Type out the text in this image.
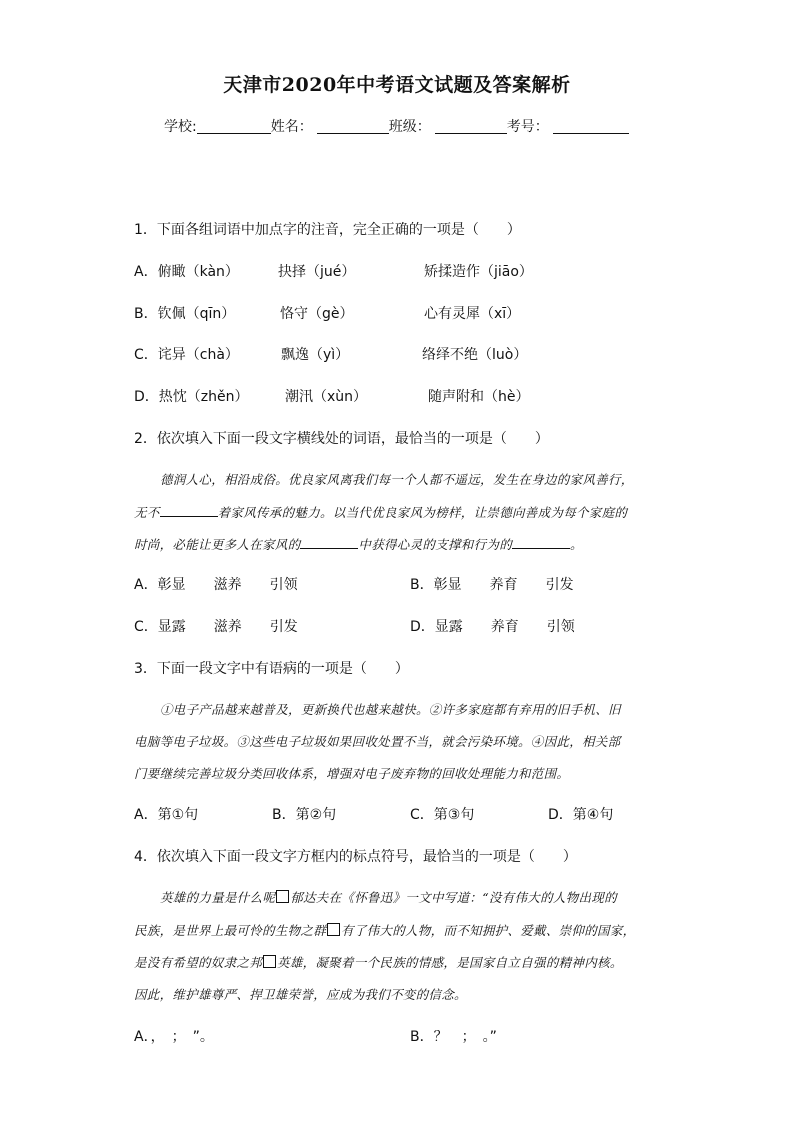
天津市2020年中考语文试题及答案解析
学校:	姓名：	班级：	考号：
1．下面各组词语中加点字的注音，完全正确的一项是（　　）
A．俯瞰（kàn）	抉择（jué）	矫揉造作（jiāo）
B．钦佩（qīn）	恪守（gè）	心有灵犀（xī）
C．诧异（chà）	飘逸（yì）	络绎不绝（luò）
D．热忱（zhěn）	潮汛（xùn）	随声附和（hè）
2．依次填入下面一段文字横线处的词语，最恰当的一项是（　　）
德润人心，相沿成俗。优良家风离我们每一个人都不遥远，发生在身边的家风善行，
无不	着家风传承的魅力。以当代优良家风为榜样，让崇德向善成为每个家庭的
时尚，必能让更多人在家风的	中获得心灵的支撑和行为的	。
A．彰显　　滋养　　引领	B．彰显　　养育　　引发
C．显露　　滋养　　引发	D．显露　　养育　　引领
3．下面一段文字中有语病的一项是（　　）
①电子产品越来越普及，更新换代也越来越快。②许多家庭都有弃用的旧手机、旧
电脑等电子垃圾。③这些电子垃圾如果回收处置不当，就会污染环境。④因此，相关部
门要继续完善垃圾分类回收体系，增强对电子废弃物的回收处理能力和范围。
A．第①句	B．第②句	C．第③句	D．第④句
4．依次填入下面一段文字方框内的标点符号，最恰当的一项是（　　）
英雄的力量是什么呢 郁达夫在《怀鲁迅》一文中写道：“没有伟大的人物出现的
民族，是世界上最可怜的生物之群 有了伟大的人物，而不知拥护、爱戴、崇仰的国家，
是没有希望的奴隶之邦 英雄，凝聚着一个民族的情感，是国家自立自强的精神内核。
因此，维护雄尊严、捍卫雄荣誉，应成为我们不变的信念。
A．，　；　”。	B．？　；　。”
